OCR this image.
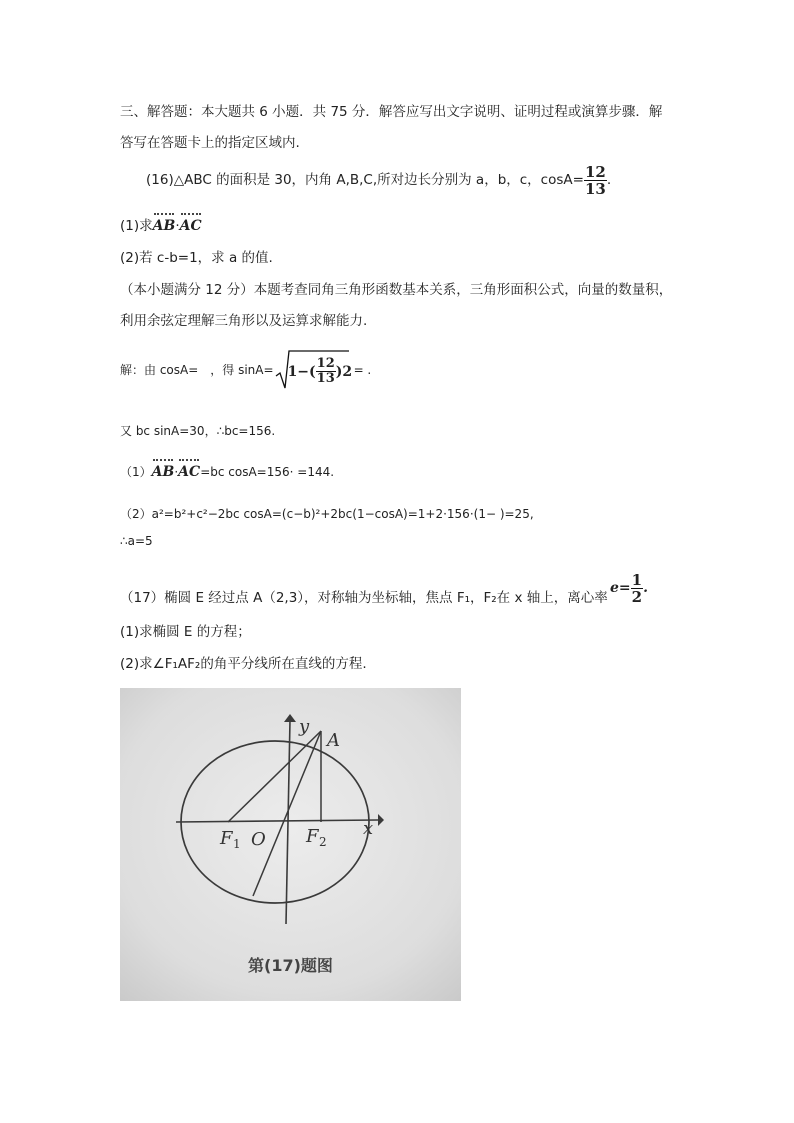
三、解答题：本大题共 6 小题．共 75 分．解答应写出文字说明、证明过程或演算步骤．解
答写在答题卡上的指定区域内.
(16)△ABC 的面积是 30，内角 A,B,C,所对边长分别为 a，b，c，$\cos A= \frac{12}{13}$ .
(1)求AB·AC
(2)若 c-b=1，求 a 的值.
（本小题满分 12 分）本题考查同角三角形函数基本关系，三角形面积公式，向量的数量积，
利用余弦定理解三角形以及运算求解能力.
解：由 cosA= ，得 $\sin A= 1-( \frac{12}{13} )2$ = .
又 bc sinA=30，∴bc=156.
（1）AB·AC=bc cosA=156· =144.
（2）a²=b²+c²−2bc cosA=(c−b)²+2bc(1−cosA)=1+2·156·(1− )=25,
∴a=5
（17）椭圆 E 经过点 A（2,3），对称轴为坐标轴，焦点 F₁，F₂在 x 轴上，离心率
$e= \frac{1}{2}$ .
(1)求椭圆 E 的方程；
(2)求∠F₁AF₂的角平分线所在直线的方程.
y
A
x
F 1 O F 2
第(17)题图
